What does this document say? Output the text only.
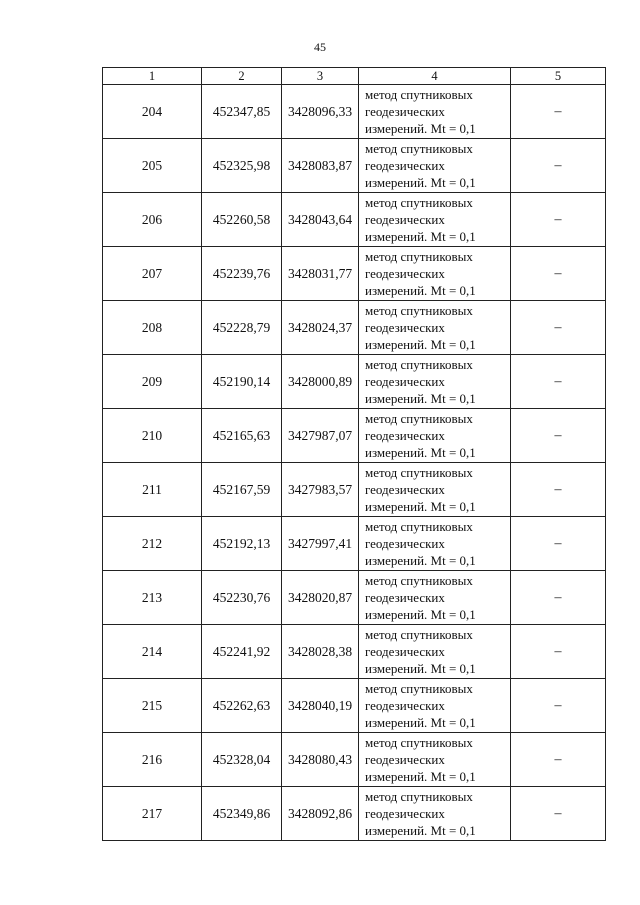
45
1	2	3	4	5
204	452347,85	3428096,33	метод спутниковых
геодезических
измерений. Mt = 0,1	–
205	452325,98	3428083,87	метод спутниковых
геодезических
измерений. Mt = 0,1	–
206	452260,58	3428043,64	метод спутниковых
геодезических
измерений. Mt = 0,1	–
207	452239,76	3428031,77	метод спутниковых
геодезических
измерений. Mt = 0,1	–
208	452228,79	3428024,37	метод спутниковых
геодезических
измерений. Mt = 0,1	–
209	452190,14	3428000,89	метод спутниковых
геодезических
измерений. Mt = 0,1	–
210	452165,63	3427987,07	метод спутниковых
геодезических
измерений. Mt = 0,1	–
211	452167,59	3427983,57	метод спутниковых
геодезических
измерений. Mt = 0,1	–
212	452192,13	3427997,41	метод спутниковых
геодезических
измерений. Mt = 0,1	–
213	452230,76	3428020,87	метод спутниковых
геодезических
измерений. Mt = 0,1	–
214	452241,92	3428028,38	метод спутниковых
геодезических
измерений. Mt = 0,1	–
215	452262,63	3428040,19	метод спутниковых
геодезических
измерений. Mt = 0,1	–
216	452328,04	3428080,43	метод спутниковых
геодезических
измерений. Mt = 0,1	–
217	452349,86	3428092,86	метод спутниковых
геодезических
измерений. Mt = 0,1	–
